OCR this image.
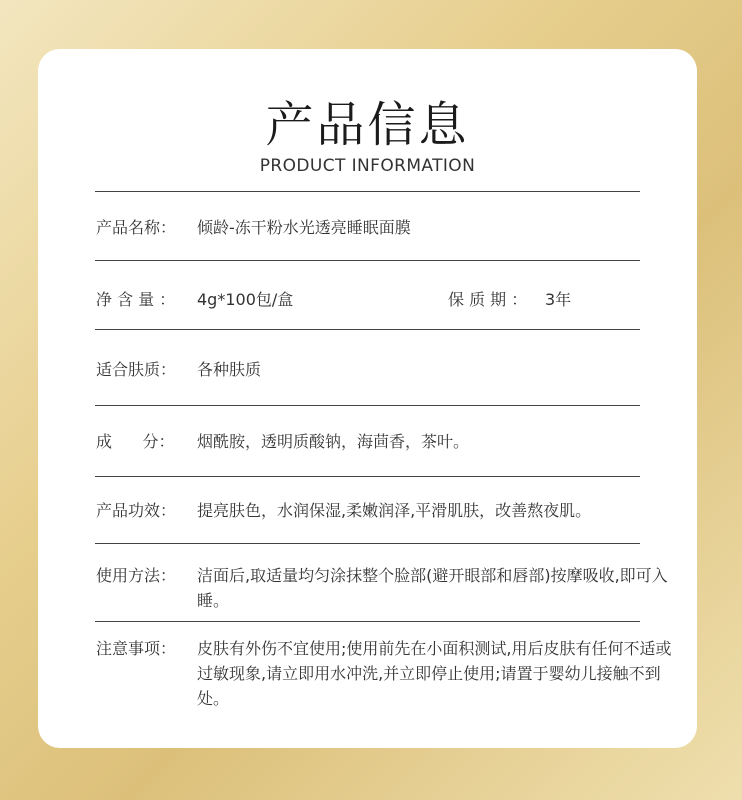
产品信息
PRODUCT INFORMATION
产品名称： 倾龄-冻干粉水光透亮睡眠面膜
净 含 量 ： 4g*100包/盒	保 质 期 ： 3年
适合肤质： 各种肤质
成      分： 烟酰胺，透明质酸钠，海茴香，茶叶。
产品功效： 提亮肤色，水润保湿,柔嫩润泽,平滑肌肤，改善熬夜肌。
使用方法： 洁面后,取适量均匀涂抹整个脸部(避开眼部和唇部)按摩吸收,即可入睡。
注意事项： 皮肤有外伤不宜使用;使用前先在小面积测试,用后皮肤有任何不适或过敏现象,请立即用水冲洗,并立即停止使用;请置于婴幼儿接触不到处。
